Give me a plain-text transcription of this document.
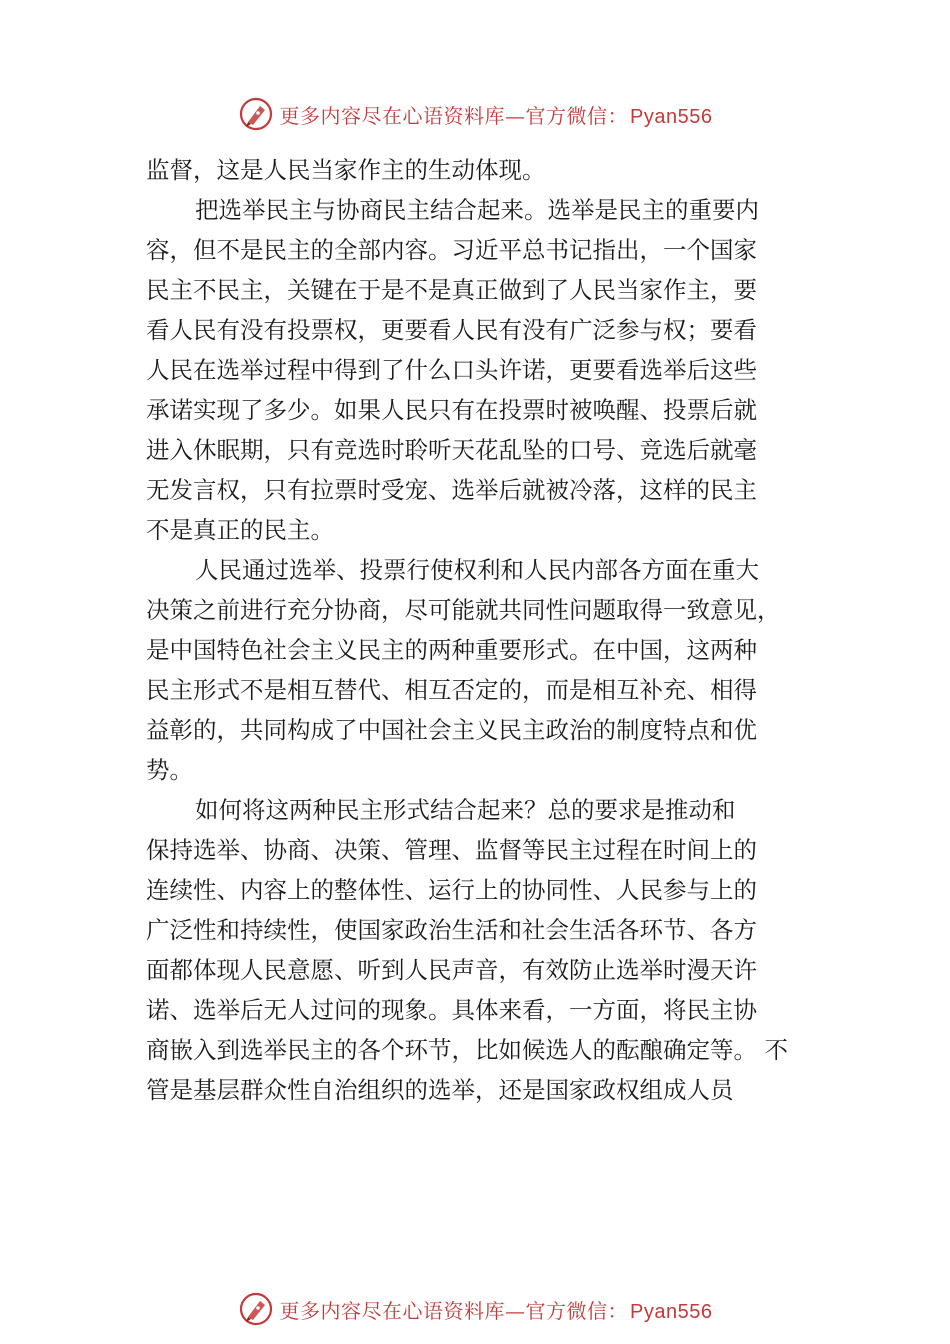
更多内容尽在心语资料库—官方微信： Pyan556
监督，这是人民当家作主的生动体现。
把选举民主与协商民主结合起来。选举是民主的重要内
容，但不是民主的全部内容。习近平总书记指出，一个国家
民主不民主，关键在于是不是真正做到了人民当家作主，要
看人民有没有投票权，更要看人民有没有广泛参与权；要看
人民在选举过程中得到了什么口头许诺，更要看选举后这些
承诺实现了多少。如果人民只有在投票时被唤醒、投票后就
进入休眠期，只有竞选时聆听天花乱坠的口号、竞选后就毫
无发言权，只有拉票时受宠、选举后就被冷落，这样的民主
不是真正的民主。
人民通过选举、投票行使权利和人民内部各方面在重大
决策之前进行充分协商，尽可能就共同性问题取得一致意见，
是中国特色社会主义民主的两种重要形式。在中国，这两种
民主形式不是相互替代、相互否定的，而是相互补充、相得
益彰的，共同构成了中国社会主义民主政治的制度特点和优
势。
如何将这两种民主形式结合起来？总的要求是推动和
保持选举、协商、决策、管理、监督等民主过程在时间上的
连续性、内容上的整体性、运行上的协同性、人民参与上的
广泛性和持续性，使国家政治生活和社会生活各环节、各方
面都体现人民意愿、听到人民声音，有效防止选举时漫天许
诺、选举后无人过问的现象。具体来看，一方面，将民主协
商嵌入到选举民主的各个环节，比如候选人的酝酿确定等。 不
管是基层群众性自治组织的选举，还是国家政权组成人员
更多内容尽在心语资料库—官方微信： Pyan556
